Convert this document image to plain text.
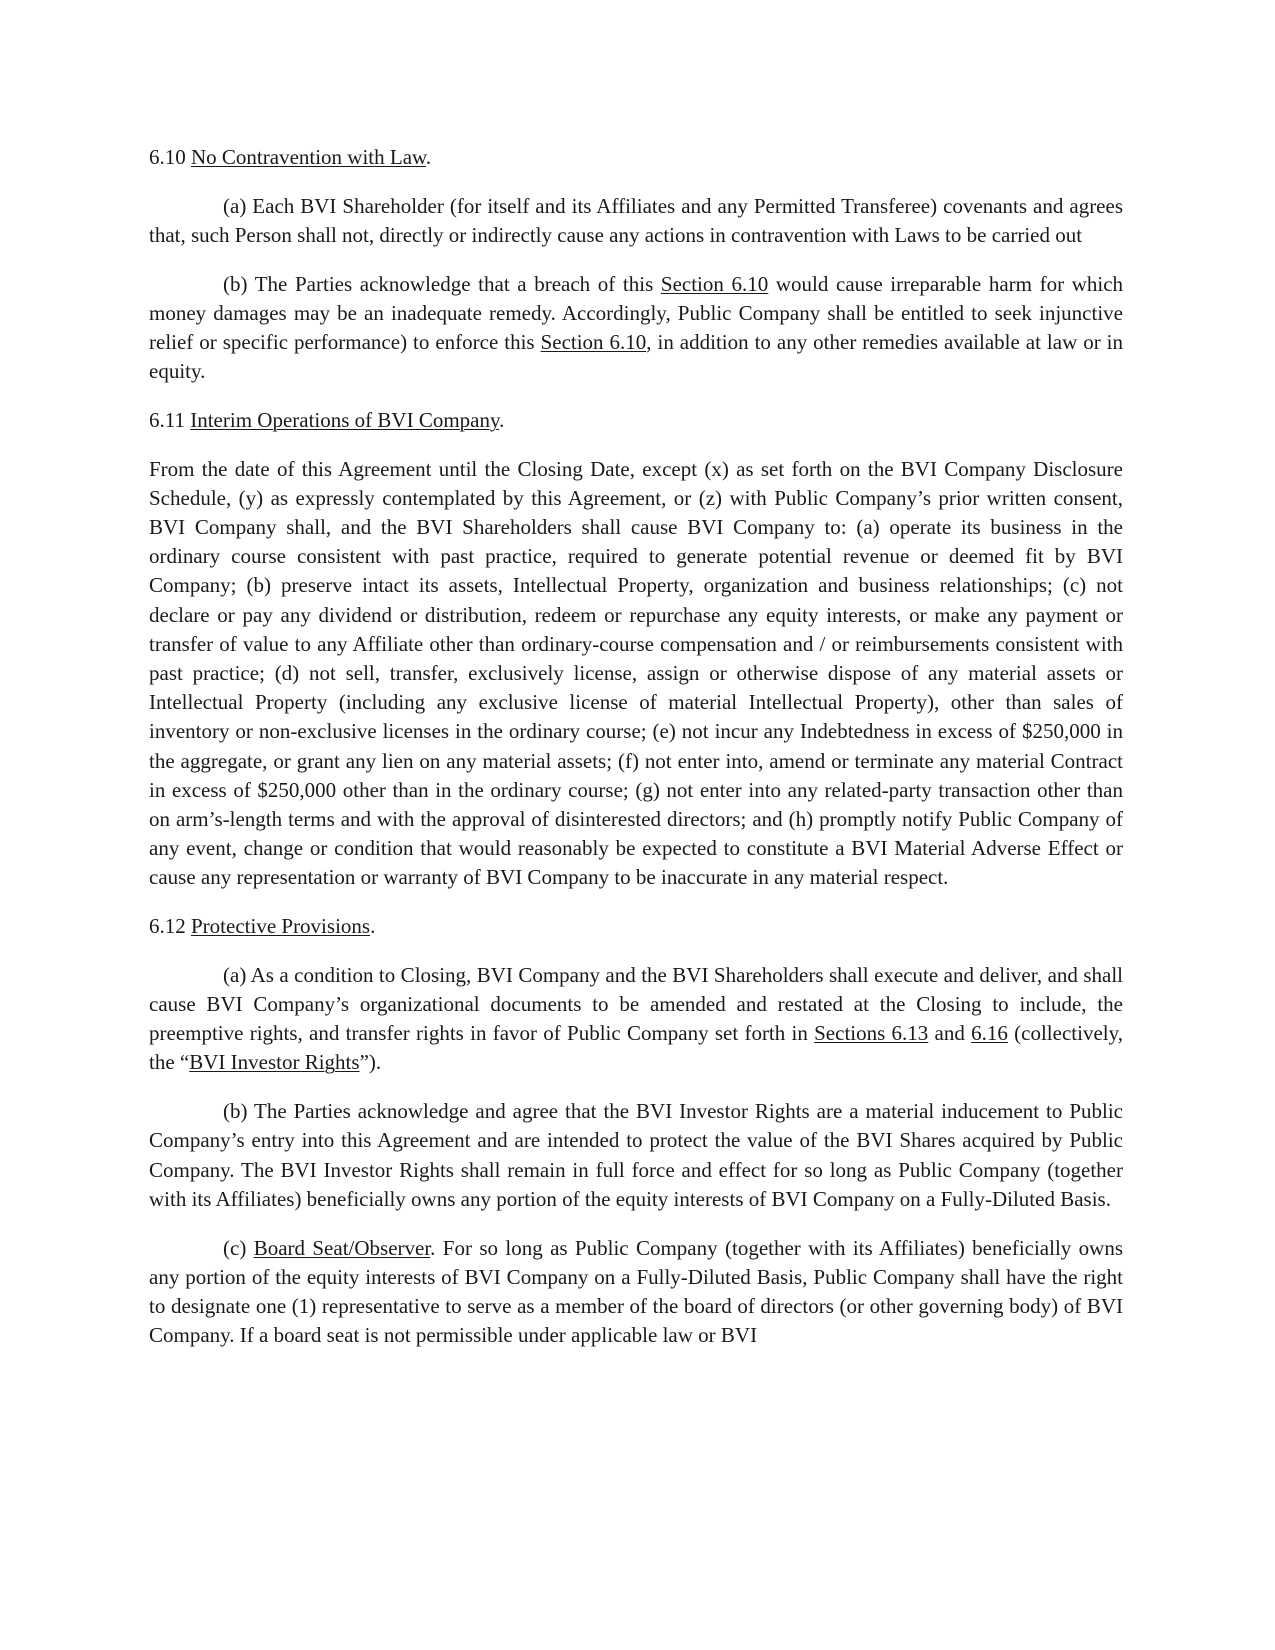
6.10 No Contravention with Law.

(a) Each BVI Shareholder (for itself and its Affiliates and any Permitted Transferee) covenants and agrees that, such Person shall not, directly or indirectly cause any actions in contravention with Laws to be carried out

(b) The Parties acknowledge that a breach of this Section 6.10 would cause irreparable harm for which money damages may be an inadequate remedy. Accordingly, Public Company shall be entitled to seek injunctive relief or specific performance) to enforce this Section 6.10, in addition to any other remedies available at law or in equity.

6.11 Interim Operations of BVI Company.

From the date of this Agreement until the Closing Date, except (x) as set forth on the BVI Company Disclosure Schedule, (y) as expressly contemplated by this Agreement, or (z) with Public Company’s prior written consent, BVI Company shall, and the BVI Shareholders shall cause BVI Company to: (a) operate its business in the ordinary course consistent with past practice, required to generate potential revenue or deemed fit by BVI Company; (b) preserve intact its assets, Intellectual Property, organization and business relationships; (c) not declare or pay any dividend or distribution, redeem or repurchase any equity interests, or make any payment or transfer of value to any Affiliate other than ordinary-course compensation and / or reimbursements consistent with past practice; (d) not sell, transfer, exclusively license, assign or otherwise dispose of any material assets or Intellectual Property (including any exclusive license of material Intellectual Property), other than sales of inventory or non-exclusive licenses in the ordinary course; (e) not incur any Indebtedness in excess of $250,000 in the aggregate, or grant any lien on any material assets; (f) not enter into, amend or terminate any material Contract in excess of $250,000 other than in the ordinary course; (g) not enter into any related-party transaction other than on arm’s-length terms and with the approval of disinterested directors; and (h) promptly notify Public Company of any event, change or condition that would reasonably be expected to constitute a BVI Material Adverse Effect or cause any representation or warranty of BVI Company to be inaccurate in any material respect.

6.12 Protective Provisions.

(a) As a condition to Closing, BVI Company and the BVI Shareholders shall execute and deliver, and shall cause BVI Company’s organizational documents to be amended and restated at the Closing to include, the preemptive rights, and transfer rights in favor of Public Company set forth in Sections 6.13 and 6.16 (collectively, the “BVI Investor Rights”).

(b) The Parties acknowledge and agree that the BVI Investor Rights are a material inducement to Public Company’s entry into this Agreement and are intended to protect the value of the BVI Shares acquired by Public Company. The BVI Investor Rights shall remain in full force and effect for so long as Public Company (together with its Affiliates) beneficially owns any portion of the equity interests of BVI Company on a Fully-Diluted Basis.

(c) Board Seat/Observer. For so long as Public Company (together with its Affiliates) beneficially owns any portion of the equity interests of BVI Company on a Fully-Diluted Basis, Public Company shall have the right to designate one (1) representative to serve as a member of the board of directors (or other governing body) of BVI Company. If a board seat is not permissible under applicable law or BVI
